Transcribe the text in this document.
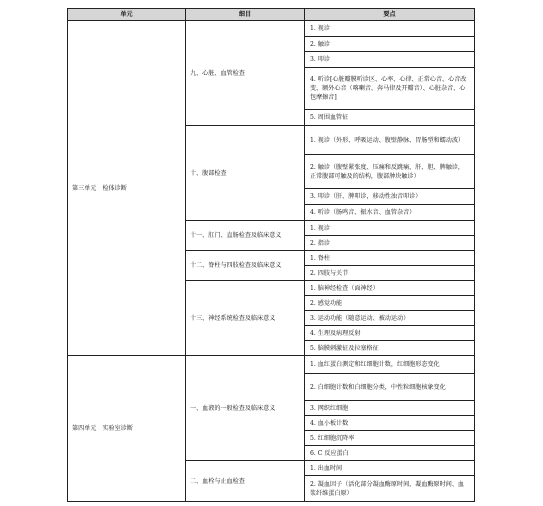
单元	细目	要点
第三单元　检体诊断	九、心脏、血管检查	1. 视诊
		2. 触诊
		3. 叩诊
		4. 听诊[心脏瓣膜听诊区、心率、心律、正常心音、心音改变、额外心音（喀喇音、奔马律及开瓣音）、心脏杂音、心包摩擦音]
		5. 周围血管征
	十、腹部检查	1. 视诊（外形、呼吸运动、腹壁静脉、胃肠型和蠕动波）
		2. 触诊（腹壁紧张度、压痛和反跳痛，肝、胆、脾触诊，正常腹部可触及的结构，腹部肿块触诊）
		3. 叩诊（肝、脾叩诊，移动性浊音叩诊）
		4. 听诊（肠鸣音、振水音、血管杂音）
	十一、肛门、直肠检查及临床意义	1. 视诊
		2. 指诊
	十二、脊柱与四肢检查及临床意义	1. 脊柱
		2. 四肢与关节
	十三、神经系统检查及临床意义	1. 脑神经检查（面神经）
		2. 感觉功能
		3. 运动功能（随意运动、被动运动）
		4. 生理及病理反射
		5. 脑膜刺激征及拉塞格征
第四单元　实验室诊断	一、血液的一般检查及临床意义	1. 血红蛋白测定和红细胞计数，红细胞形态变化
		2. 白细胞计数和白细胞分类，中性粒细胞核象变化
		3. 网织红细胞
		4. 血小板计数
		5. 红细胞沉降率
		6. C 反应蛋白
	二、血栓与止血检查	1. 出血时间
		2. 凝血因子（活化部分凝血酶原时间、凝血酶原时间、血浆纤维蛋白原）
